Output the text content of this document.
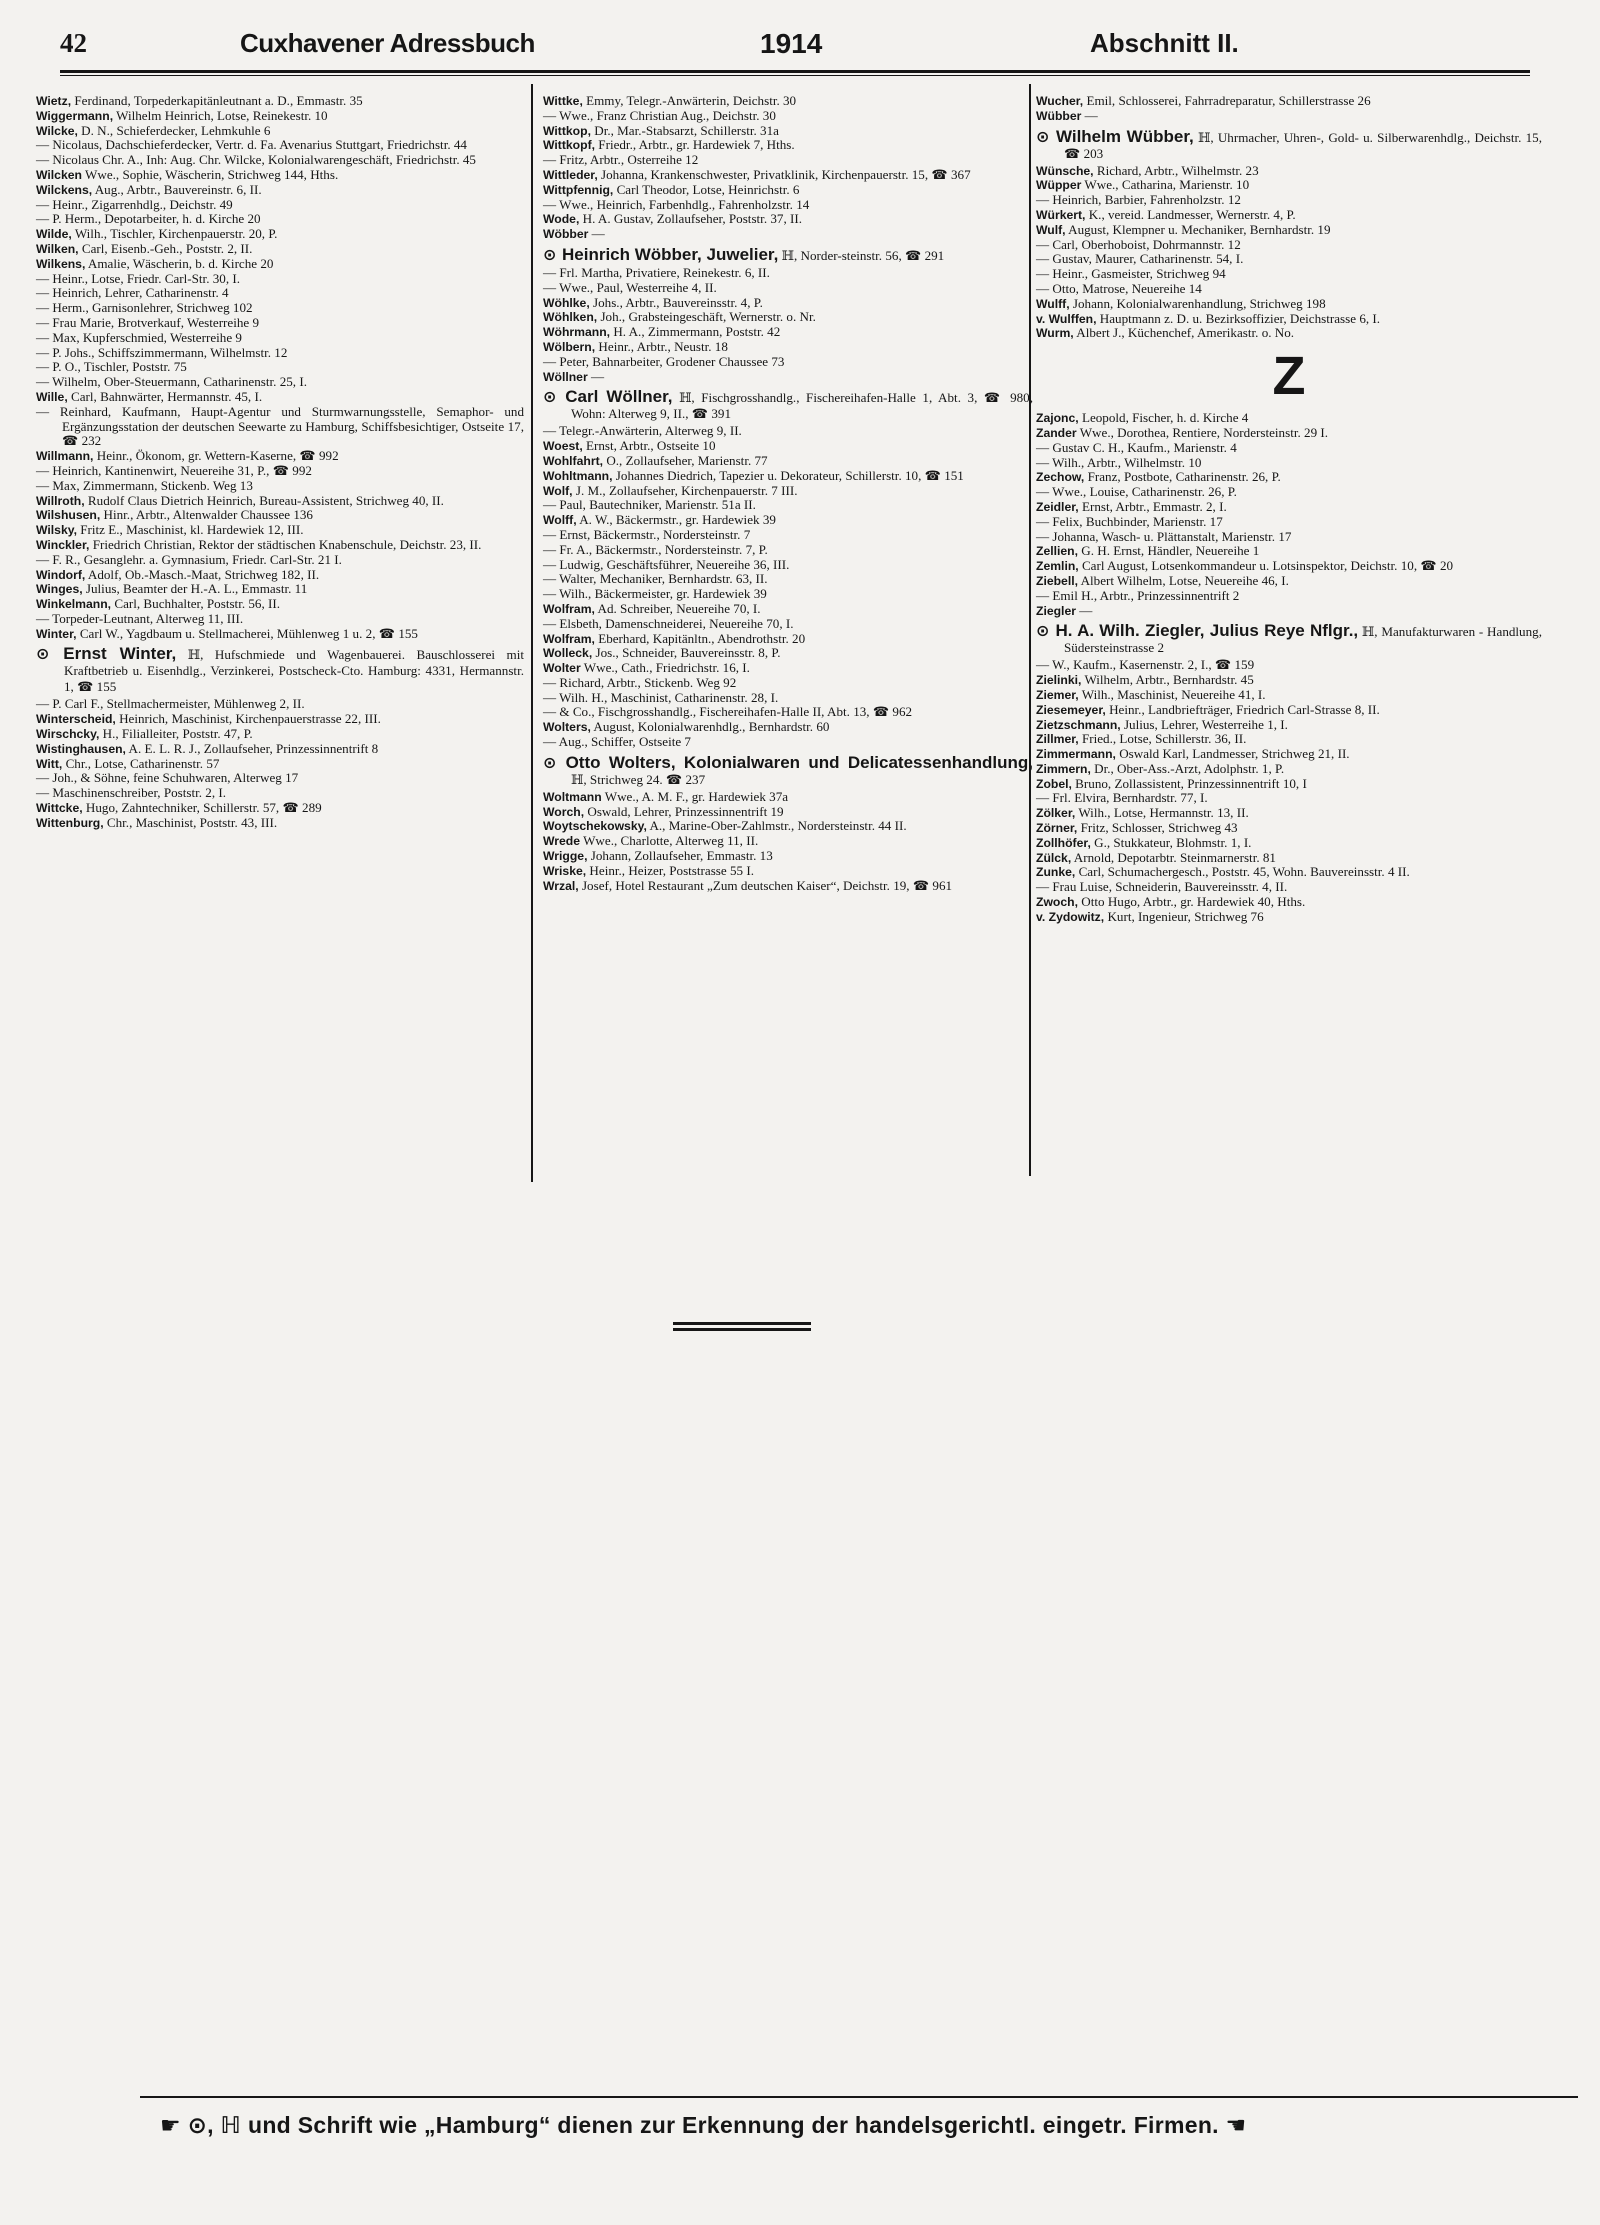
42	Cuxhavener Adressbuch	1914	Abschnitt II.

Wietz, Ferdinand, Torpederkapitänleutnant a. D., Emmastr. 35

Wiggermann, Wilhelm Heinrich, Lotse, Reinekestr. 10

Wilcke, D. N., Schieferdecker, Lehmkuhle 6

— Nicolaus, Dachschieferdecker, Vertr. d. Fa. Avenarius Stuttgart, Friedrichstr. 44

— Nicolaus Chr. A., Inh: Aug. Chr. Wilcke, Kolonialwarengeschäft, Friedrichstr. 45

Wilcken Wwe., Sophie, Wäscherin, Strichweg 144, Hths.

Wilckens, Aug., Arbtr., Bauvereinstr. 6, II.

— Heinr., Zigarrenhdlg., Deichstr. 49

— P. Herm., Depotarbeiter, h. d. Kirche 20

Wilde, Wilh., Tischler, Kirchenpauerstr. 20, P.

Wilken, Carl, Eisenb.-Geh., Poststr. 2, II.

Wilkens, Amalie, Wäscherin, b. d. Kirche 20

— Heinr., Lotse, Friedr. Carl-Str. 30, I.

— Heinrich, Lehrer, Catharinenstr. 4

— Herm., Garnisonlehrer, Strichweg 102

— Frau Marie, Brotverkauf, Westerreihe 9

— Max, Kupferschmied, Westerreihe 9

— P. Johs., Schiffszimmermann, Wilhelmstr. 12

— P. O., Tischler, Poststr. 75

— Wilhelm, Ober-Steuermann, Catharinenstr. 25, I.

Wille, Carl, Bahnwärter, Hermannstr. 45, I.

— Reinhard, Kaufmann, Haupt-Agentur und Sturmwarnungsstelle, Semaphor- und Ergänzungsstation der deutschen Seewarte zu Hamburg, Schiffsbesichtiger, Ostseite 17, ☎ 232

Willmann, Heinr., Ökonom, gr. Wettern-Kaserne, ☎ 992

— Heinrich, Kantinenwirt, Neuereihe 31, P., ☎ 992

— Max, Zimmermann, Stickenb. Weg 13

Willroth, Rudolf Claus Dietrich Heinrich, Bureau-Assistent, Strichweg 40, II.

Wilshusen, Hinr., Arbtr., Altenwalder Chaussee 136

Wilsky, Fritz E., Maschinist, kl. Hardewiek 12, III.

Winckler, Friedrich Christian, Rektor der städtischen Knabenschule, Deichstr. 23, II.

— F. R., Gesanglehr. a. Gymnasium, Friedr. Carl-Str. 21 I.

Windorf, Adolf, Ob.-Masch.-Maat, Strichweg 182, II.

Winges, Julius, Beamter der H.-A. L., Emmastr. 11

Winkelmann, Carl, Buchhalter, Poststr. 56, II.

— Torpeder-Leutnant, Alterweg 11, III.

Winter, Carl W., Yagdbaum u. Stellmacherei, Mühlenweg 1 u. 2, ☎ 155

⊙ Ernst Winter, ℍ, Hufschmiede und Wagenbauerei. Bauschlosserei mit Kraftbetrieb u. Eisenhdlg., Verzinkerei, Postscheck-Cto. Hamburg: 4331, Hermannstr. 1, ☎ 155

— P. Carl F., Stellmachermeister, Mühlenweg 2, II.

Winterscheid, Heinrich, Maschinist, Kirchenpauerstrasse 22, III.

Wirschcky, H., Filialleiter, Poststr. 47, P.

Wistinghausen, A. E. L. R. J., Zollaufseher, Prinzessinnentrift 8

Witt, Chr., Lotse, Catharinenstr. 57

— Joh., & Söhne, feine Schuhwaren, Alterweg 17

— Maschinenschreiber, Poststr. 2, I.

Wittcke, Hugo, Zahntechniker, Schillerstr. 57, ☎ 289

Wittenburg, Chr., Maschinist, Poststr. 43, III.

Wittke, Emmy, Telegr.-Anwärterin, Deichstr. 30

— Wwe., Franz Christian Aug., Deichstr. 30

Wittkop, Dr., Mar.-Stabsarzt, Schillerstr. 31a

Wittkopf, Friedr., Arbtr., gr. Hardewiek 7, Hths.

— Fritz, Arbtr., Osterreihe 12

Wittleder, Johanna, Krankenschwester, Privatklinik, Kirchenpauerstr. 15, ☎ 367

Wittpfennig, Carl Theodor, Lotse, Heinrichstr. 6

— Wwe., Heinrich, Farbenhdlg., Fahrenholzstr. 14

Wode, H. A. Gustav, Zollaufseher, Poststr. 37, II.

Wöbber —

⊙ Heinrich Wöbber, Juwelier, ℍ, Norder-steinstr. 56, ☎ 291

— Frl. Martha, Privatiere, Reinekestr. 6, II.

— Wwe., Paul, Westerreihe 4, II.

Wöhlke, Johs., Arbtr., Bauvereinsstr. 4, P.

Wöhlken, Joh., Grabsteingeschäft, Wernerstr. o. Nr.

Wöhrmann, H. A., Zimmermann, Poststr. 42

Wölbern, Heinr., Arbtr., Neustr. 18

— Peter, Bahnarbeiter, Grodener Chaussee 73

Wöllner —

⊙ Carl Wöllner, ℍ, Fischgrosshandlg., Fischereihafen-Halle 1, Abt. 3, ☎ 980, Wohn: Alterweg 9, II., ☎ 391

— Telegr.-Anwärterin, Alterweg 9, II.

Woest, Ernst, Arbtr., Ostseite 10

Wohlfahrt, O., Zollaufseher, Marienstr. 77

Wohltmann, Johannes Diedrich, Tapezier u. Dekorateur, Schillerstr. 10, ☎ 151

Wolf, J. M., Zollaufseher, Kirchenpauerstr. 7 III.

— Paul, Bautechniker, Marienstr. 51a II.

Wolff, A. W., Bäckermstr., gr. Hardewiek 39

— Ernst, Bäckermstr., Nordersteinstr. 7

— Fr. A., Bäckermstr., Nordersteinstr. 7, P.

— Ludwig, Geschäftsführer, Neuereihe 36, III.

— Walter, Mechaniker, Bernhardstr. 63, II.

— Wilh., Bäckermeister, gr. Hardewiek 39

Wolfram, Ad. Schreiber, Neuereihe 70, I.

— Elsbeth, Damenschneiderei, Neuereihe 70, I.

Wolfram, Eberhard, Kapitänltn., Abendrothstr. 20

Wolleck, Jos., Schneider, Bauvereinsstr. 8, P.

Wolter Wwe., Cath., Friedrichstr. 16, I.

— Richard, Arbtr., Stickenb. Weg 92

— Wilh. H., Maschinist, Catharinenstr. 28, I.

— & Co., Fischgrosshandlg., Fischereihafen-Halle II, Abt. 13, ☎ 962

Wolters, August, Kolonialwarenhdlg., Bernhardstr. 60

— Aug., Schiffer, Ostseite 7

⊙ Otto Wolters, Kolonialwaren und Delicatessenhandlung, ℍ, Strichweg 24. ☎ 237

Woltmann Wwe., A. M. F., gr. Hardewiek 37a

Worch, Oswald, Lehrer, Prinzessinnentrift 19

Woytschekowsky, A., Marine-Ober-Zahlmstr., Nordersteinstr. 44 II.

Wrede Wwe., Charlotte, Alterweg 11, II.

Wrigge, Johann, Zollaufseher, Emmastr. 13

Wriske, Heinr., Heizer, Poststrasse 55 I.

Wrzal, Josef, Hotel Restaurant „Zum deutschen Kaiser“, Deichstr. 19, ☎ 961

Wucher, Emil, Schlosserei, Fahrradreparatur, Schillerstrasse 26

Wübber —

⊙ Wilhelm Wübber, ℍ, Uhrmacher, Uhren-, Gold- u. Silberwarenhdlg., Deichstr. 15, ☎ 203

Wünsche, Richard, Arbtr., Wilhelmstr. 23

Wüpper Wwe., Catharina, Marienstr. 10

— Heinrich, Barbier, Fahrenholzstr. 12

Würkert, K., vereid. Landmesser, Wernerstr. 4, P.

Wulf, August, Klempner u. Mechaniker, Bernhardstr. 19

— Carl, Oberhoboist, Dohrmannstr. 12

— Gustav, Maurer, Catharinenstr. 54, I.

— Heinr., Gasmeister, Strichweg 94

— Otto, Matrose, Neuereihe 14

Wulff, Johann, Kolonialwarenhandlung, Strichweg 198

v. Wulffen, Hauptmann z. D. u. Bezirksoffizier, Deichstrasse 6, I.

Wurm, Albert J., Küchenchef, Amerikastr. o. No.

Z

Zajonc, Leopold, Fischer, h. d. Kirche 4

Zander Wwe., Dorothea, Rentiere, Nordersteinstr. 29 I.

— Gustav C. H., Kaufm., Marienstr. 4

— Wilh., Arbtr., Wilhelmstr. 10

Zechow, Franz, Postbote, Catharinenstr. 26, P.

— Wwe., Louise, Catharinenstr. 26, P.

Zeidler, Ernst, Arbtr., Emmastr. 2, I.

— Felix, Buchbinder, Marienstr. 17

— Johanna, Wasch- u. Plättanstalt, Marienstr. 17

Zellien, G. H. Ernst, Händler, Neuereihe 1

Zemlin, Carl August, Lotsenkommandeur u. Lotsinspektor, Deichstr. 10, ☎ 20

Ziebell, Albert Wilhelm, Lotse, Neuereihe 46, I.

— Emil H., Arbtr., Prinzessinnentrift 2

Ziegler —

⊙ H. A. Wilh. Ziegler, Julius Reye Nflgr., ℍ, Manufakturwaren - Handlung, Südersteinstrasse 2

— W., Kaufm., Kasernenstr. 2, I., ☎ 159

Zielinki, Wilhelm, Arbtr., Bernhardstr. 45

Ziemer, Wilh., Maschinist, Neuereihe 41, I.

Ziesemeyer, Heinr., Landbriefträger, Friedrich Carl-Strasse 8, II.

Zietzschmann, Julius, Lehrer, Westerreihe 1, I.

Zillmer, Fried., Lotse, Schillerstr. 36, II.

Zimmermann, Oswald Karl, Landmesser, Strichweg 21, II.

Zimmern, Dr., Ober-Ass.-Arzt, Adolphstr. 1, P.

Zobel, Bruno, Zollassistent, Prinzessinnentrift 10, I

— Frl. Elvira, Bernhardstr. 77, I.

Zölker, Wilh., Lotse, Hermannstr. 13, II.

Zörner, Fritz, Schlosser, Strichweg 43

Zollhöfer, G., Stukkateur, Blohmstr. 1, I.

Zülck, Arnold, Depotarbtr. Steinmarnerstr. 81

Zunke, Carl, Schumachergesch., Poststr. 45, Wohn. Bauvereinsstr. 4 II.

— Frau Luise, Schneiderin, Bauvereinsstr. 4, II.

Zwoch, Otto Hugo, Arbtr., gr. Hardewiek 40, Hths.

v. Zydowitz, Kurt, Ingenieur, Strichweg 76

☛ ⊙, ℍ und Schrift wie „Hamburg“ dienen zur Erkennung der handelsgerichtl. eingetr. Firmen. ☚
